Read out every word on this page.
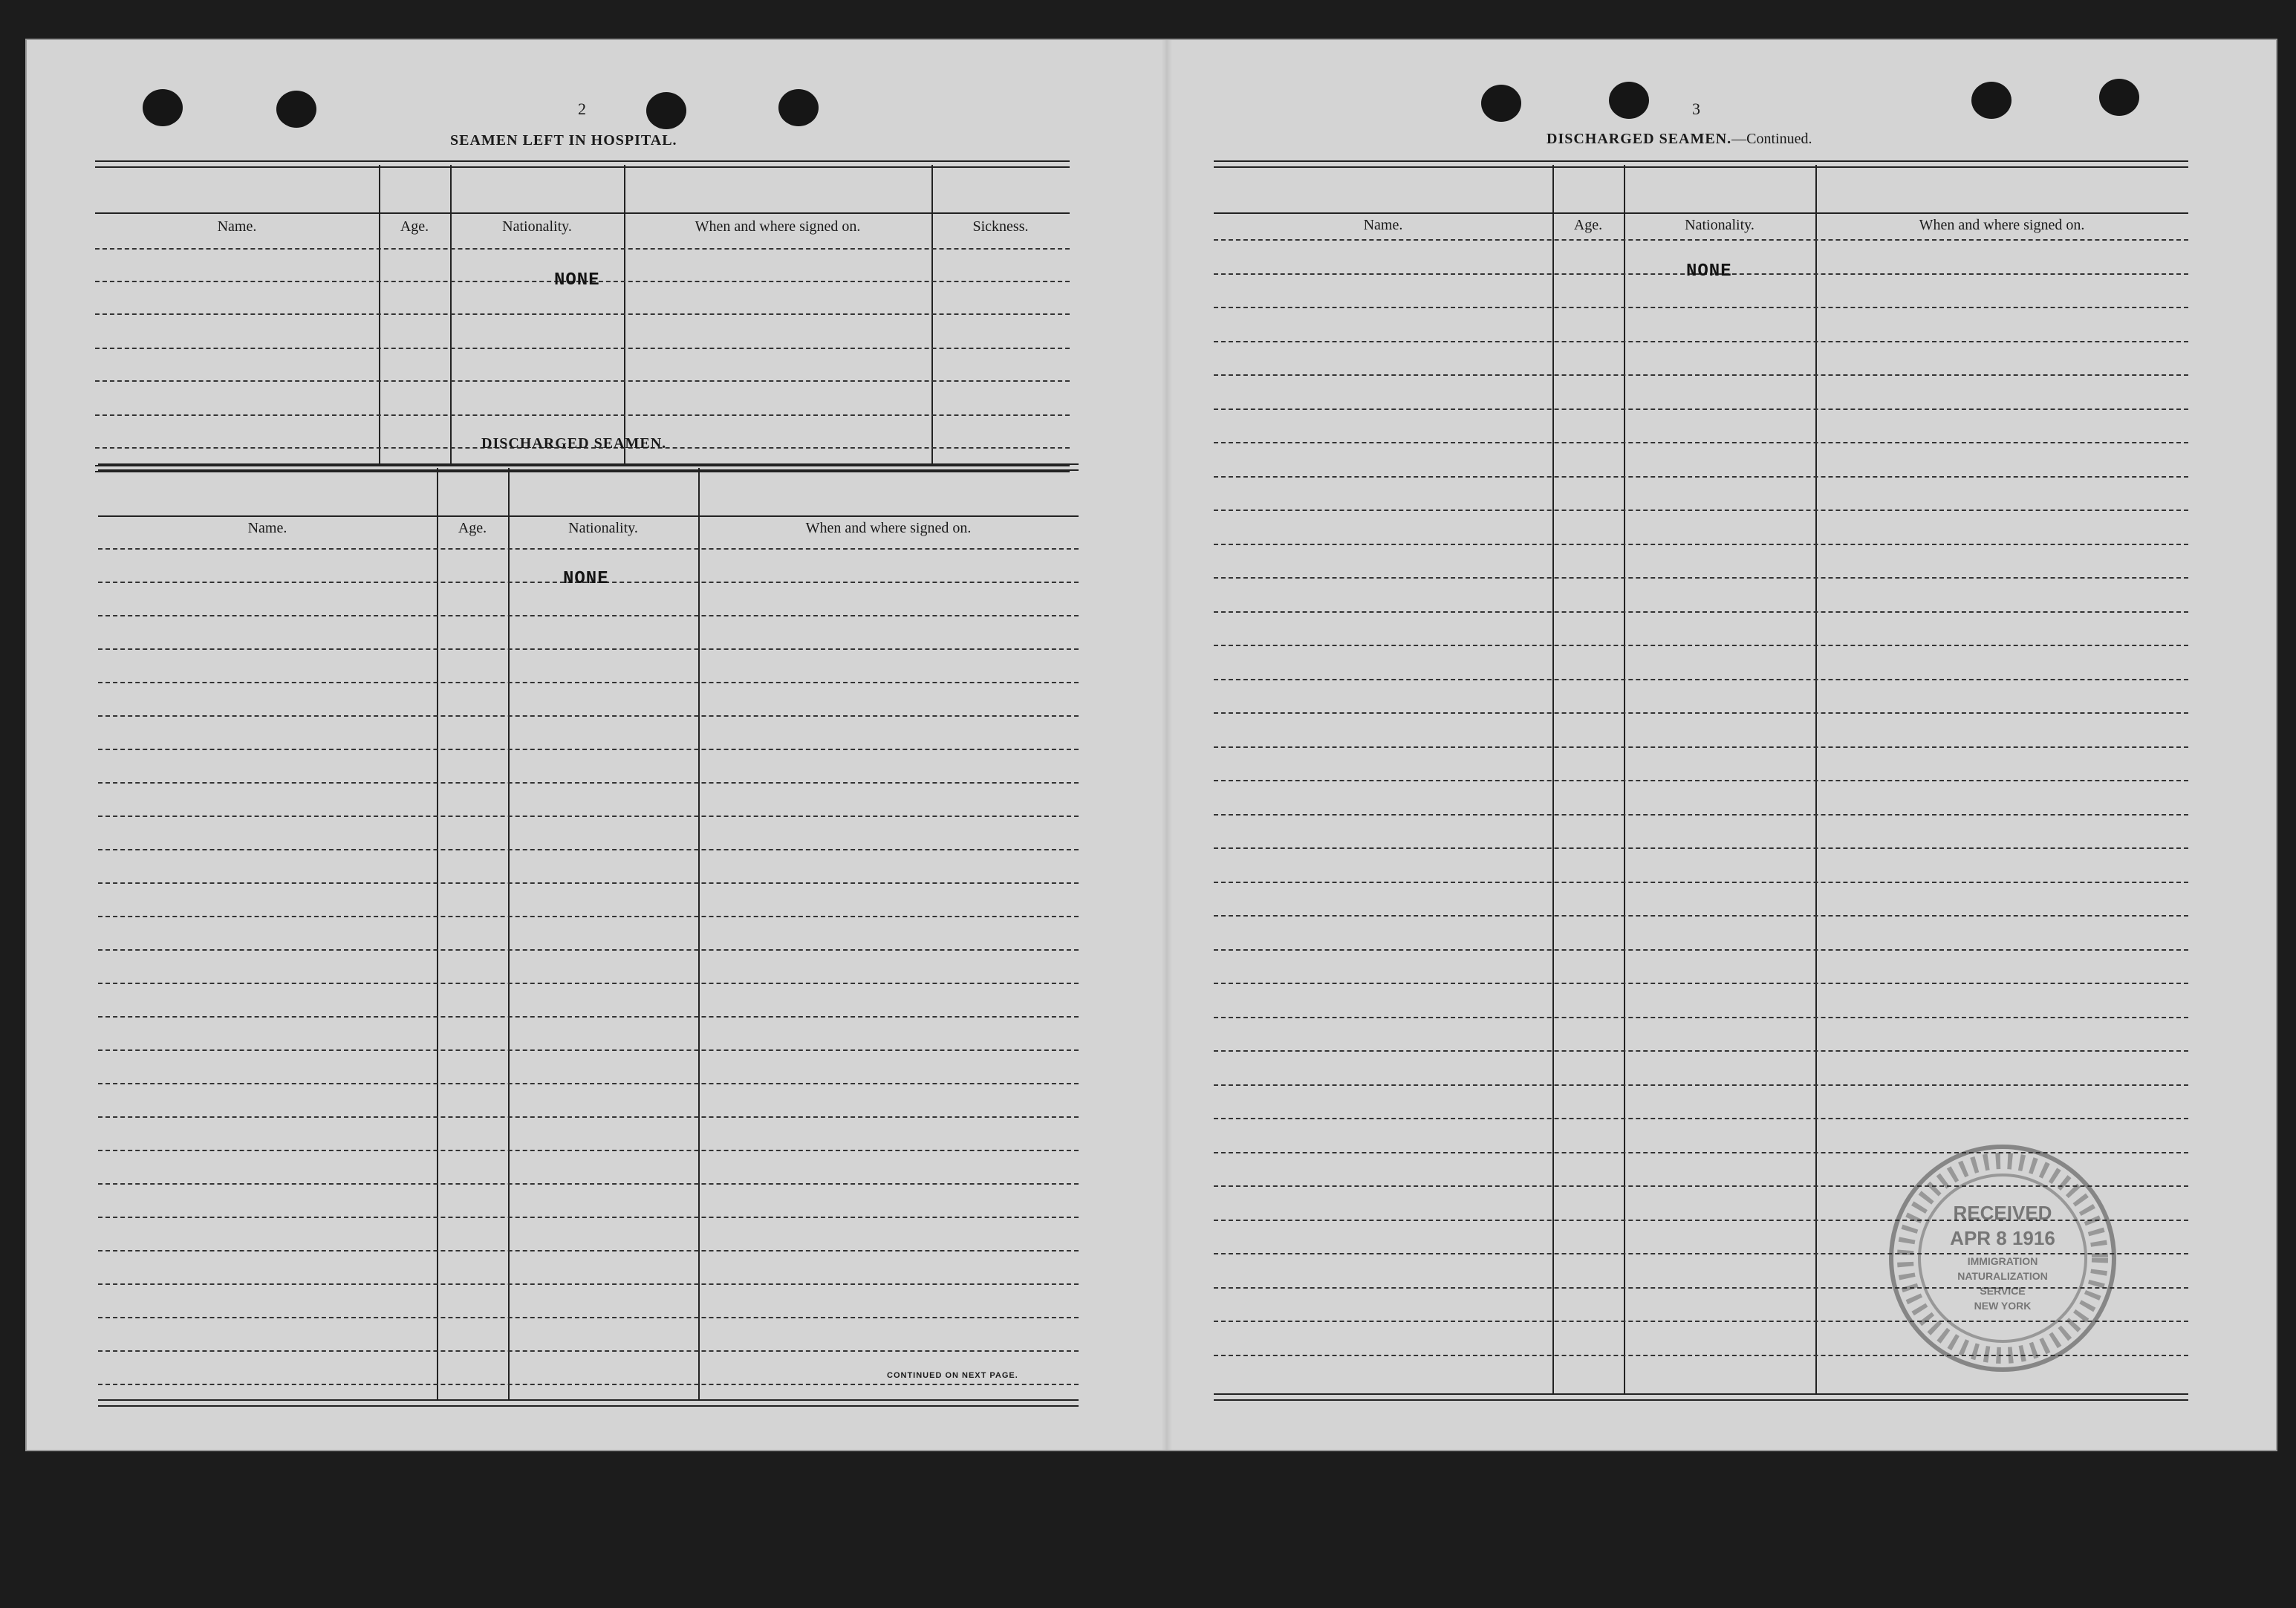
2
SEAMEN LEFT IN HOSPITAL.
Name.	Age.	Nationality.	When and where signed on.	Sickness.
NONE
DISCHARGED SEAMEN.
Name.	Age.	Nationality.	When and where signed on.
NONE
CONTINUED ON NEXT PAGE.
3
DISCHARGED SEAMEN.—Continued.
Name.	Age.	Nationality.	When and where signed on.
NONE
RECEIVED
APR 8 1916
IMMIGRATION
NATURALIZATION
SERVICE
NEW YORK
